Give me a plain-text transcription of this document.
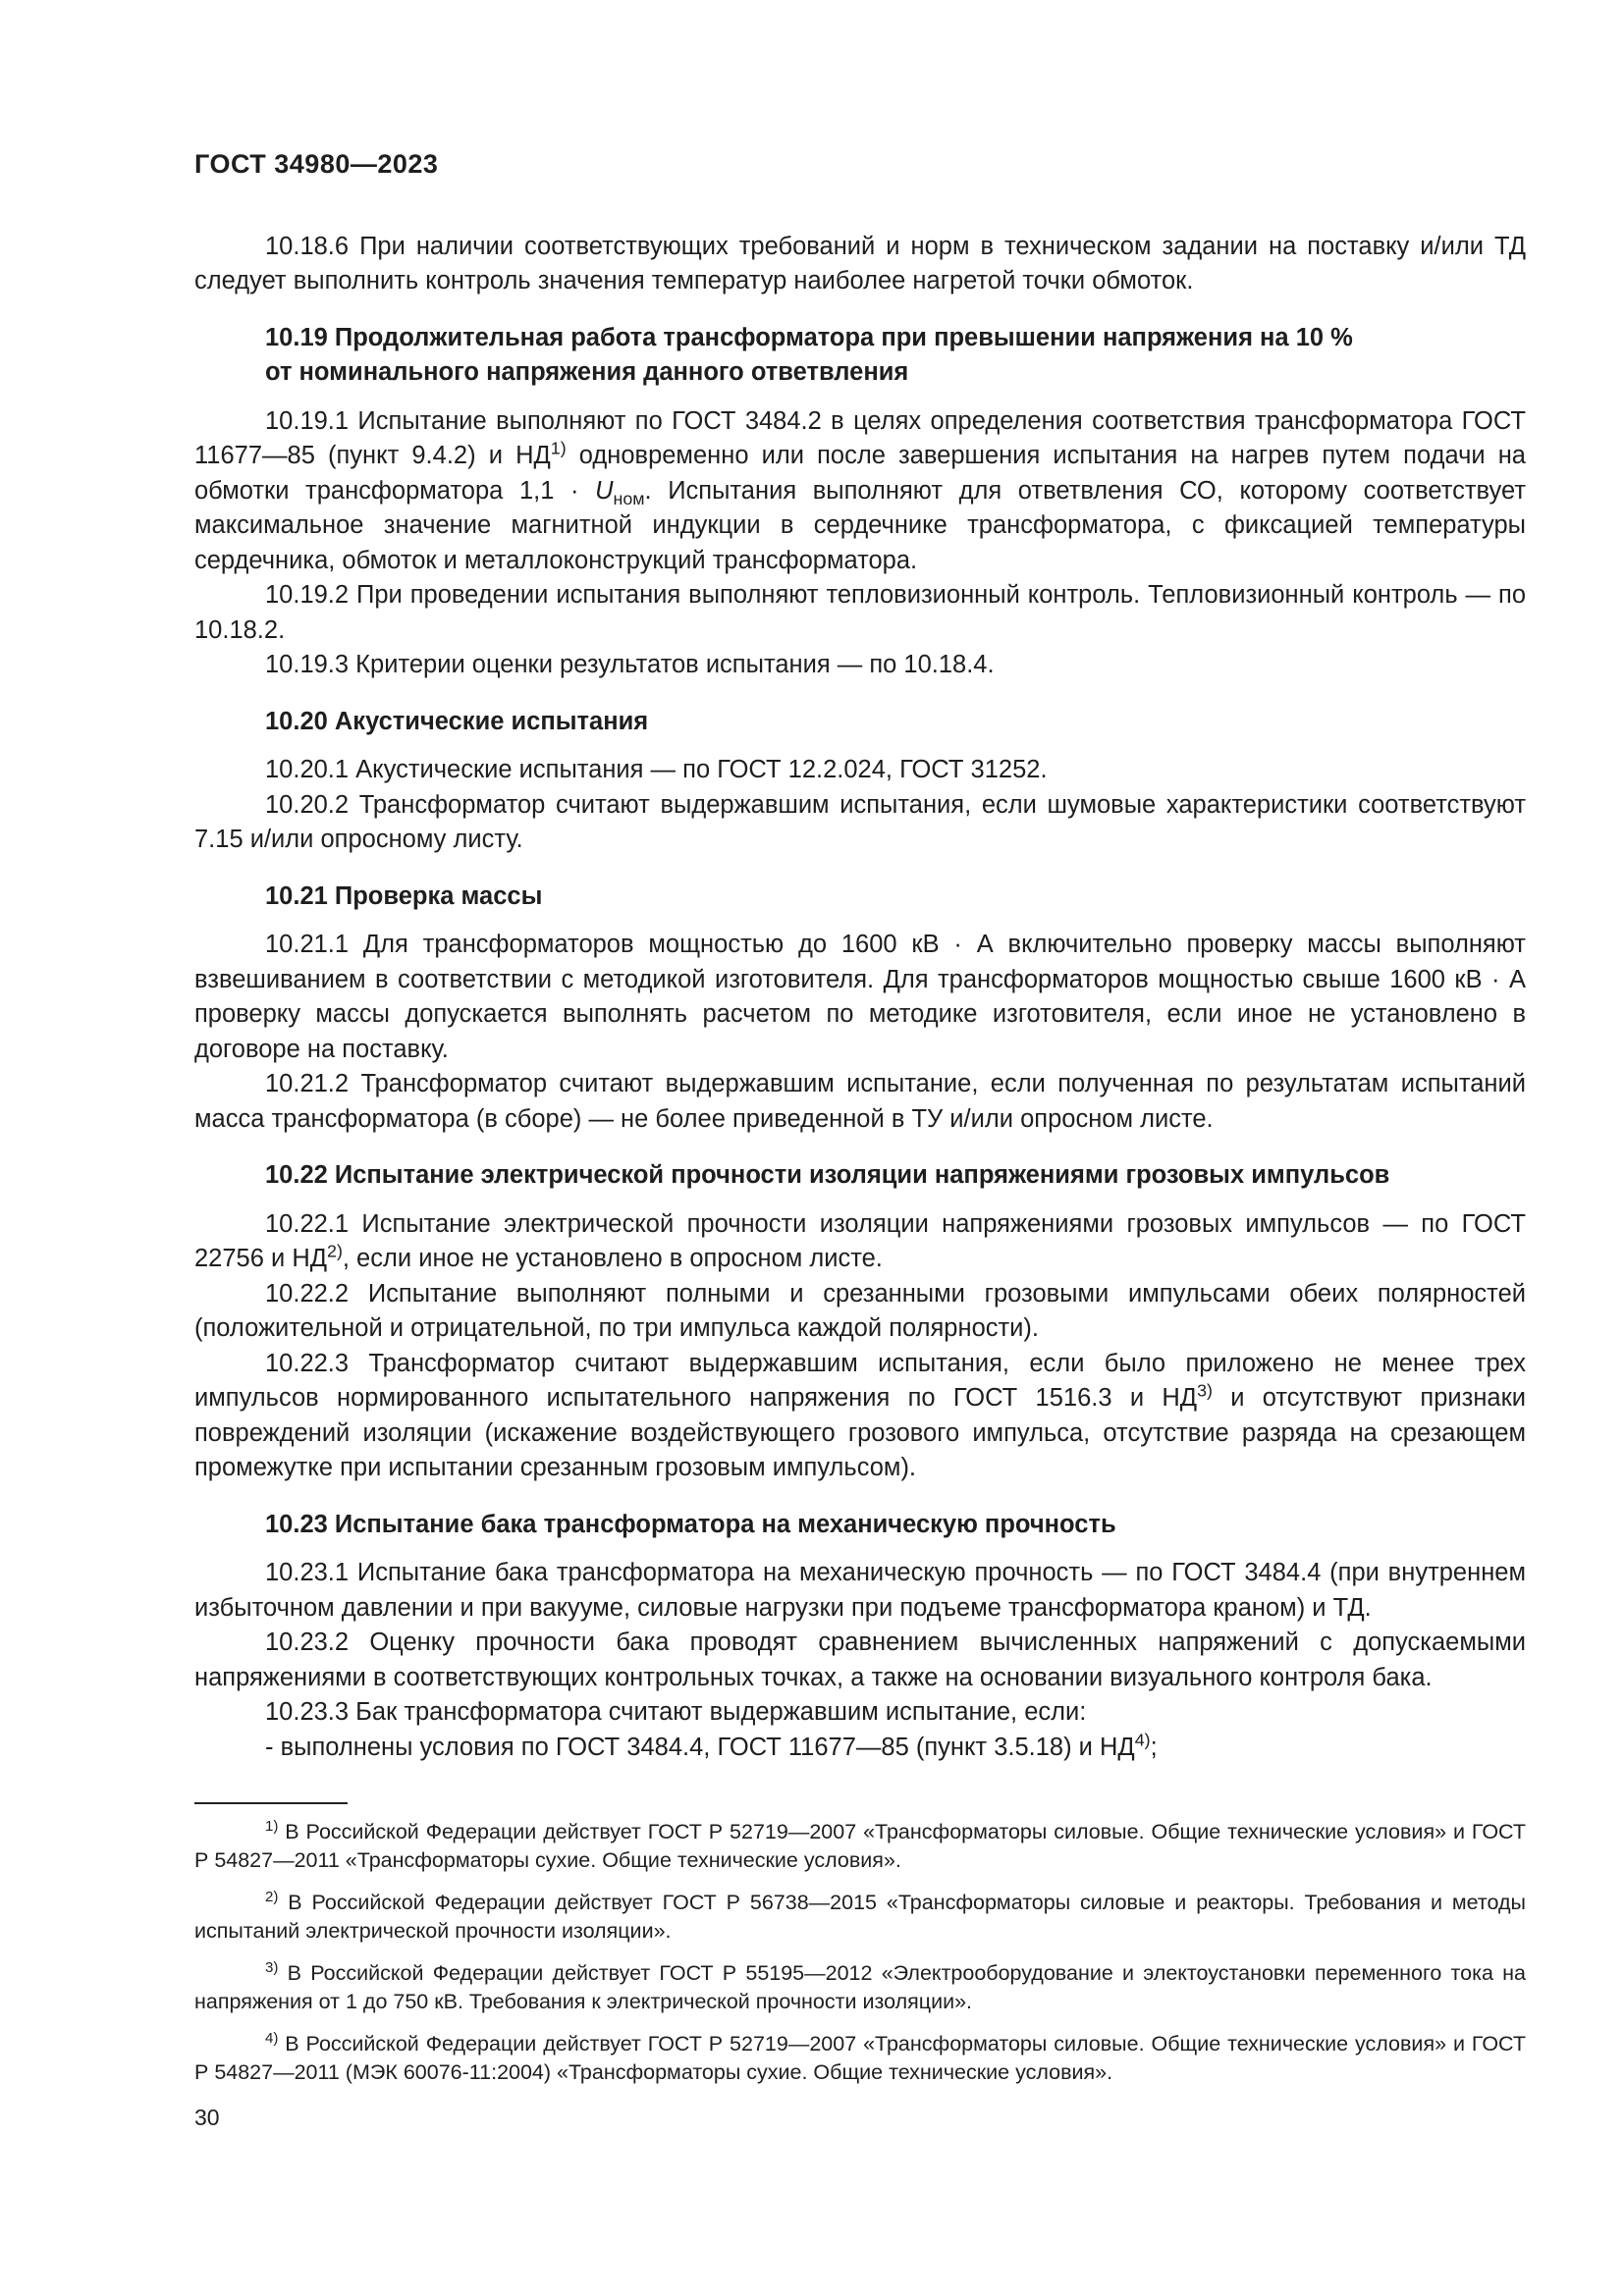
ГОСТ 34980—2023

10.18.6 При наличии соответствующих требований и норм в техническом задании на поставку и/или ТД следует выполнить контроль значения температур наиболее нагретой точки обмоток.

10.19 Продолжительная работа трансформатора при превышении напряжения на 10 %
от номинального напряжения данного ответвления

10.19.1 Испытание выполняют по ГОСТ 3484.2 в целях определения соответствия трансформатора ГОСТ 11677—85 (пункт 9.4.2) и НД$^{1)}$ одновременно или после завершения испытания на нагрев путем подачи на обмотки трансформатора $1,1 \cdot U_{ном}$. Испытания выполняют для ответвления СО, которому соответствует максимальное значение магнитной индукции в сердечнике трансформатора, с фиксацией температуры сердечника, обмоток и металлоконструкций трансформатора.

10.19.2 При проведении испытания выполняют тепловизионный контроль. Тепловизионный контроль — по 10.18.2.

10.19.3 Критерии оценки результатов испытания — по 10.18.4.

10.20 Акустические испытания

10.20.1 Акустические испытания — по ГОСТ 12.2.024, ГОСТ 31252.

10.20.2 Трансформатор считают выдержавшим испытания, если шумовые характеристики соответствуют 7.15 и/или опросному листу.

10.21 Проверка массы

10.21.1 Для трансформаторов мощностью до 1600 кВ · А включительно проверку массы выполняют взвешиванием в соответствии с методикой изготовителя. Для трансформаторов мощностью свыше 1600 кВ · А проверку массы допускается выполнять расчетом по методике изготовителя, если иное не установлено в договоре на поставку.

10.21.2 Трансформатор считают выдержавшим испытание, если полученная по результатам испытаний масса трансформатора (в сборе) — не более приведенной в ТУ и/или опросном листе.

10.22 Испытание электрической прочности изоляции напряжениями грозовых импульсов

10.22.1 Испытание электрической прочности изоляции напряжениями грозовых импульсов — по ГОСТ 22756 и НД$^{2)}$, если иное не установлено в опросном листе.

10.22.2 Испытание выполняют полными и срезанными грозовыми импульсами обеих полярностей (положительной и отрицательной, по три импульса каждой полярности).

10.22.3 Трансформатор считают выдержавшим испытания, если было приложено не менее трех импульсов нормированного испытательного напряжения по ГОСТ 1516.3 и НД$^{3)}$ и отсутствуют признаки повреждений изоляции (искажение воздействующего грозового импульса, отсутствие разряда на срезающем промежутке при испытании срезанным грозовым импульсом).

10.23 Испытание бака трансформатора на механическую прочность

10.23.1 Испытание бака трансформатора на механическую прочность — по ГОСТ 3484.4 (при внутреннем избыточном давлении и при вакууме, силовые нагрузки при подъеме трансформатора краном) и ТД.

10.23.2 Оценку прочности бака проводят сравнением вычисленных напряжений с допускаемыми напряжениями в соответствующих контрольных точках, а также на основании визуального контроля бака.

10.23.3 Бак трансформатора считают выдержавшим испытание, если:

- выполнены условия по ГОСТ 3484.4, ГОСТ 11677—85 (пункт 3.5.18) и НД$^{4)}$;

$^{1)}$ В Российской Федерации действует ГОСТ Р 52719—2007 «Трансформаторы силовые. Общие технические условия» и ГОСТ Р 54827—2011 «Трансформаторы сухие. Общие технические условия».

$^{2)}$ В Российской Федерации действует ГОСТ Р 56738—2015 «Трансформаторы силовые и реакторы. Требования и методы испытаний электрической прочности изоляции».

$^{3)}$ В Российской Федерации действует ГОСТ Р 55195—2012 «Электрооборудование и электоустановки переменного тока на напряжения от 1 до 750 кВ. Требования к электрической прочности изоляции».

$^{4)}$ В Российской Федерации действует ГОСТ Р 52719—2007 «Трансформаторы силовые. Общие технические условия» и ГОСТ Р 54827—2011 (МЭК 60076-11:2004) «Трансформаторы сухие. Общие технические условия».

30
